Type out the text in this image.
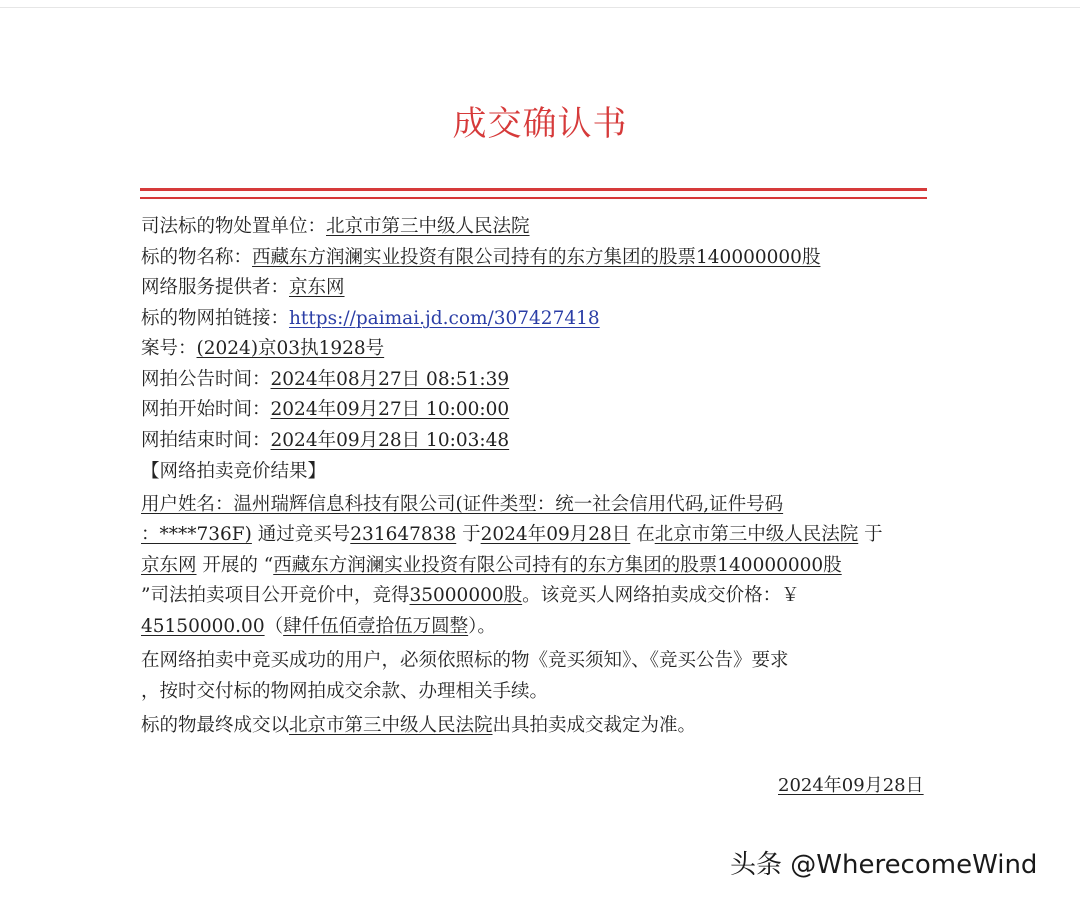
成交确认书
司法标的物处置单位：北京市第三中级人民法院
标的物名称：西藏东方润澜实业投资有限公司持有的东方集团的股票140000000股
网络服务提供者：京东网
标的物网拍链接：https://paimai.jd.com/307427418
案号：(2024)京03执1928号
网拍公告时间：2024年08月27日 08:51:39
网拍开始时间：2024年09月27日 10:00:00
网拍结束时间：2024年09月28日 10:03:48
【网络拍卖竞价结果】
用户姓名：温州瑞辉信息科技有限公司(证件类型：统一社会信用代码,证件号码
：****736F) 通过竞买号231647838 于2024年09月28日 在北京市第三中级人民法院 于
京东网 开展的 “西藏东方润澜实业投资有限公司持有的东方集团的股票140000000股
”司法拍卖项目公开竞价中，竞得35000000股。该竞买人网络拍卖成交价格：￥
45150000.00（肆仟伍佰壹拾伍万圆整）。
在网络拍卖中竞买成功的用户，必须依照标的物《竞买须知》、《竞买公告》要求
，按时交付标的物网拍成交余款、办理相关手续。
标的物最终成交以北京市第三中级人民法院出具拍卖成交裁定为准。
2024年09月28日
头条 @WherecomeWind
